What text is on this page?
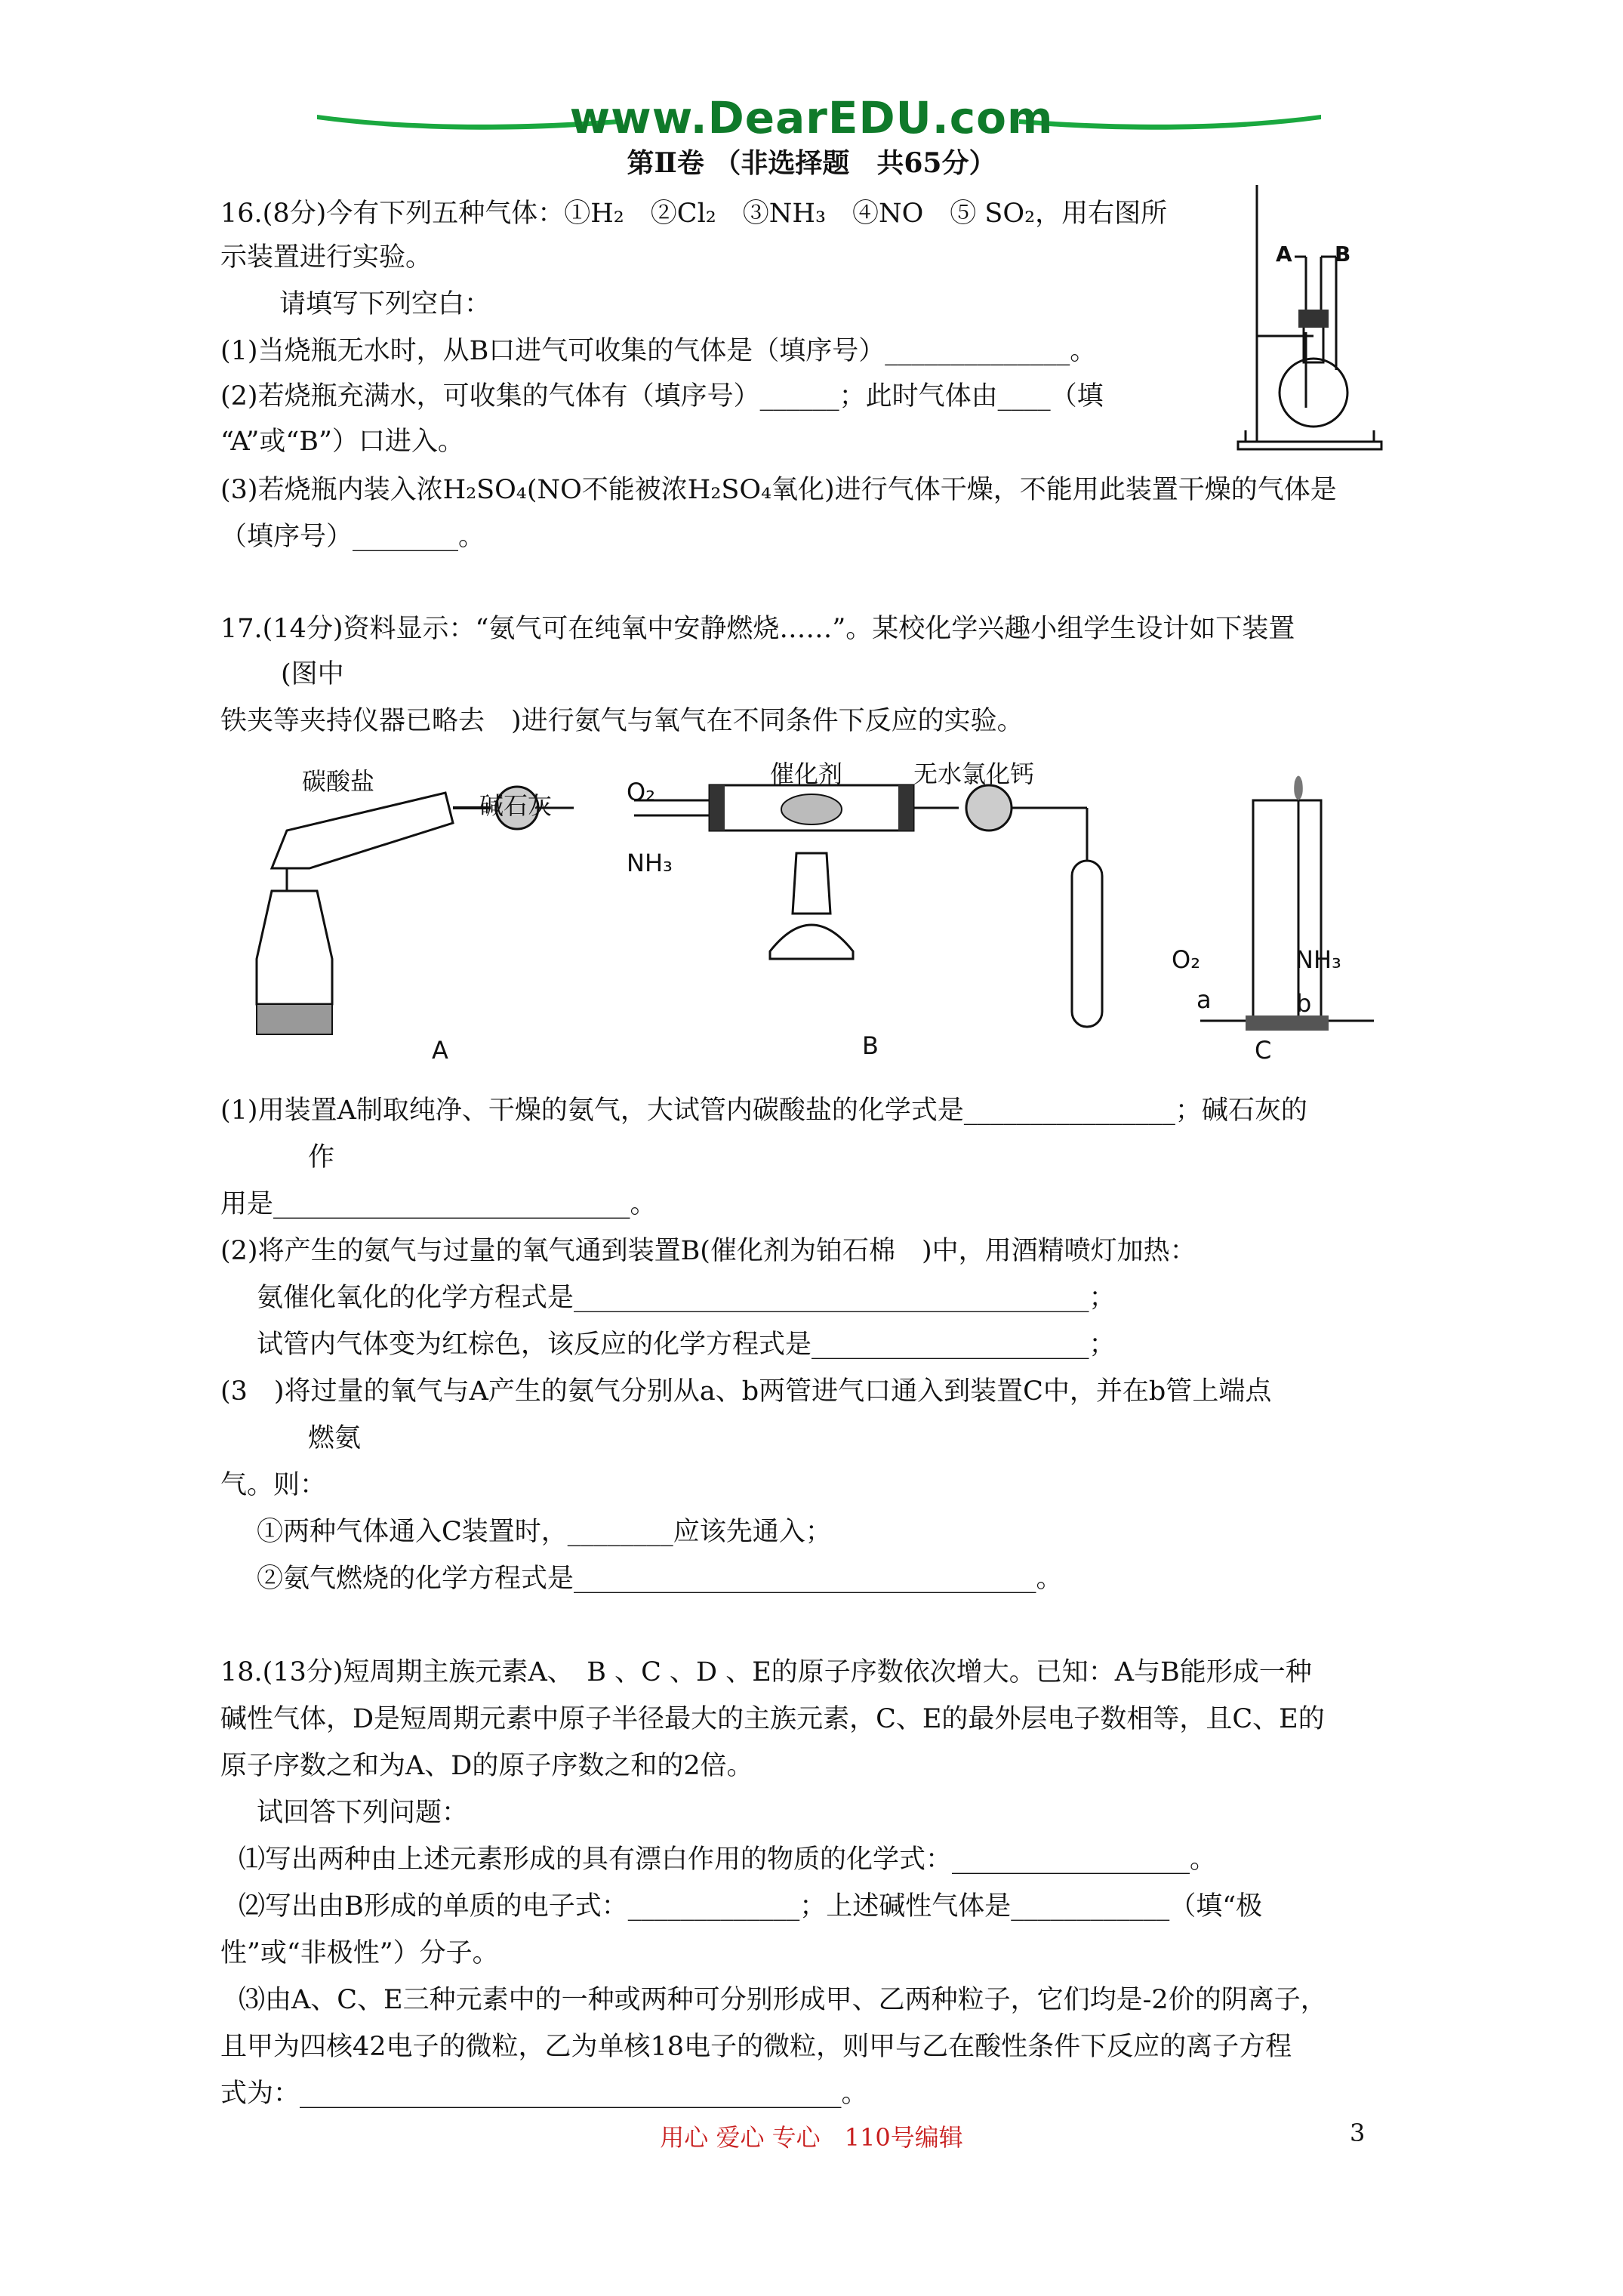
www.DearEDU.com
第Ⅱ卷 （非选择题　共65分）
16.(8分)今有下列五种气体：①H₂　②Cl₂　③NH₃　④NO　⑤ SO₂，用右图所
示装置进行实验。
请填写下列空白：
(1)当烧瓶无水时，从B口进气可收集的气体是（填序号）______________。
(2)若烧瓶充满水，可收集的气体有（填序号）______；此时气体由____（填
“A”或“B”）口进入。
(3)若烧瓶内装入浓H₂SO₄(NO不能被浓H₂SO₄氧化)进行气体干燥，不能用此装置干燥的气体是
（填序号）________。
A B
17.(14分)资料显示：“氨气可在纯氧中安静燃烧……”。某校化学兴趣小组学生设计如下装置
(图中
铁夹等夹持仪器已略去　)进行氨气与氧气在不同条件下反应的实验。
碳酸盐
碱石灰	O₂
NH₃
催化剂	无水氯化钙
O₂	NH₃
a	b
A	B	C
(1)用装置A制取纯净、干燥的氨气，大试管内碳酸盐的化学式是________________；碱石灰的
作
用是___________________________。
(2)将产生的氨气与过量的氧气通到装置B(催化剂为铂石棉　)中，用酒精喷灯加热：
氨催化氧化的化学方程式是_______________________________________；
试管内气体变为红棕色，该反应的化学方程式是_____________________；
(3　)将过量的氧气与A产生的氨气分别从a、b两管进气口通入到装置C中，并在b管上端点
燃氨
气。则：
①两种气体通入C装置时，________应该先通入；
②氨气燃烧的化学方程式是___________________________________。
18.(13分)短周期主族元素A、　B 、C 、D 、E的原子序数依次增大。已知：A与B能形成一种
碱性气体，D是短周期元素中原子半径最大的主族元素，C、E的最外层电子数相等，且C、E的
原子序数之和为A、D的原子序数之和的2倍。
试回答下列问题：
⑴写出两种由上述元素形成的具有漂白作用的物质的化学式：__________________。
⑵写出由B形成的单质的电子式：_____________；上述碱性气体是____________（填“极
性”或“非极性”）分子。
⑶由A、C、E三种元素中的一种或两种可分别形成甲、乙两种粒子，它们均是-2价的阴离子，
且甲为四核42电子的微粒，乙为单核18电子的微粒，则甲与乙在酸性条件下反应的离子方程
式为：_________________________________________。
用心 爱心 专心　110号编辑	3
